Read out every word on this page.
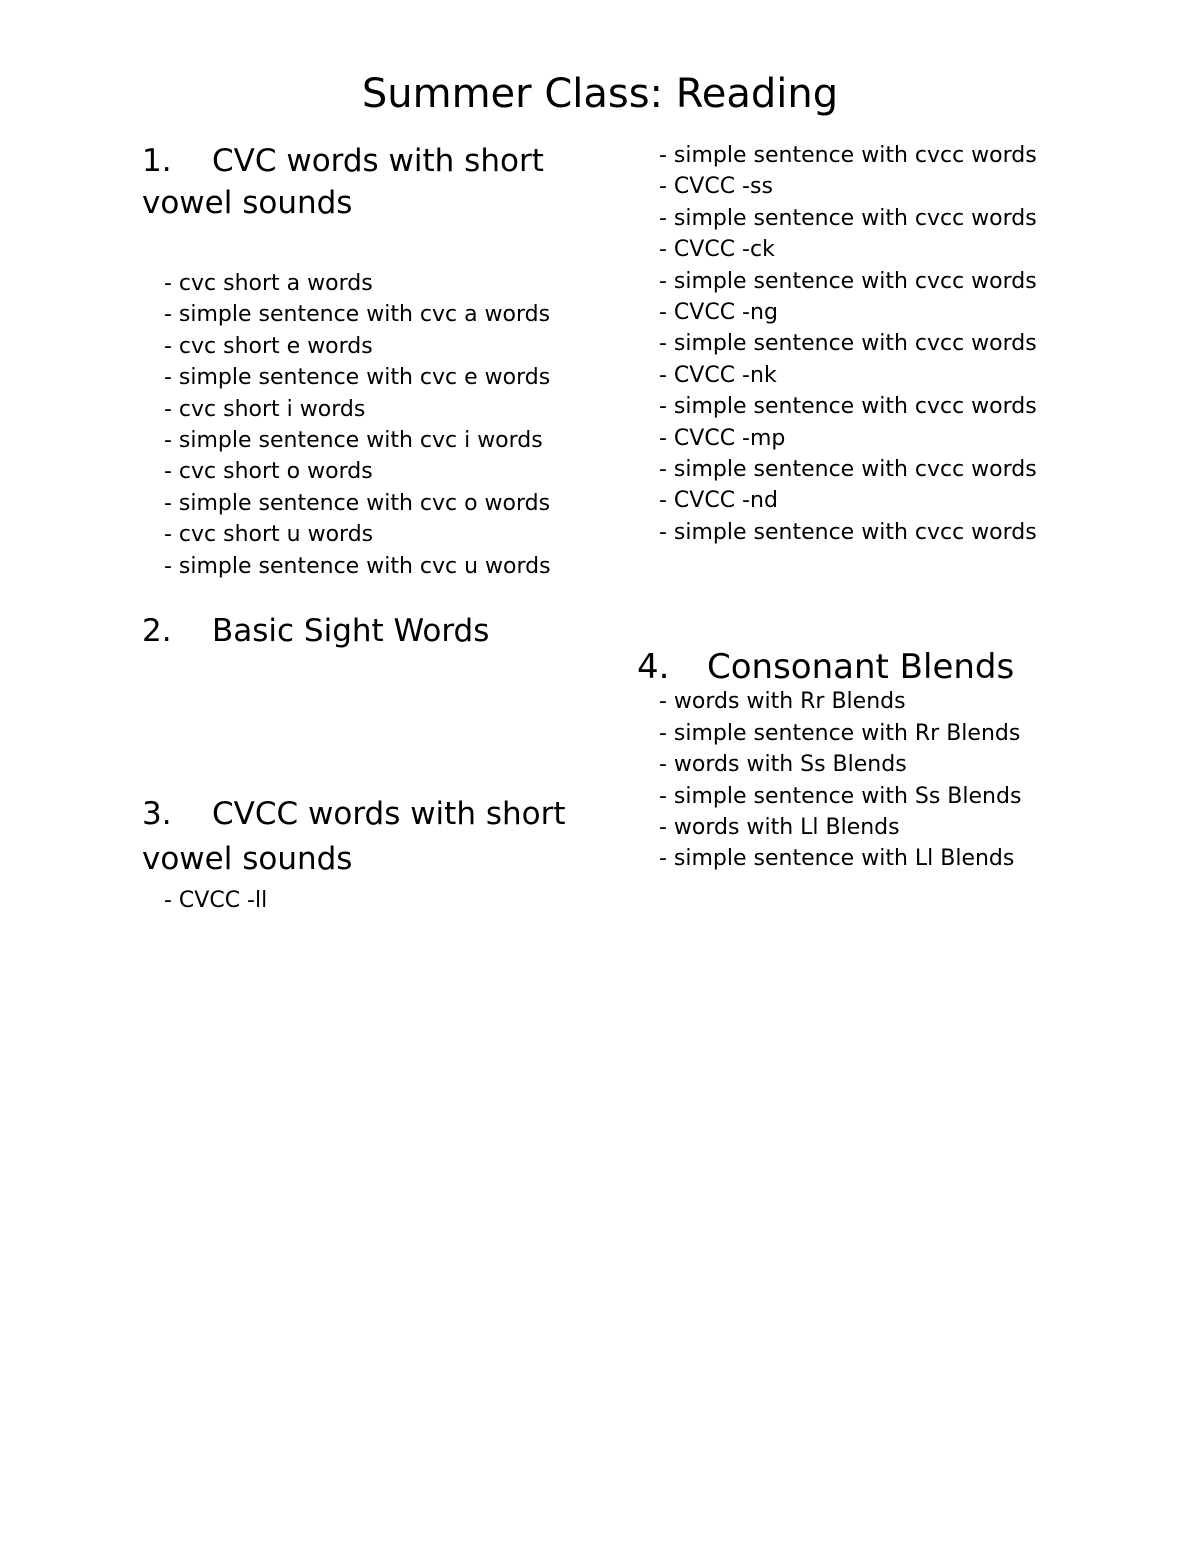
Summer Class: Reading
1. CVC words with short vowel sounds
- cvc short a words
- simple sentence with cvc a words
- cvc short e words
- simple sentence with cvc e words
- cvc short i words
- simple sentence with cvc i words
- cvc short o words
- simple sentence with cvc o words
- cvc short u words
- simple sentence with cvc u words
2. Basic Sight Words
3. CVCC words with short vowel sounds
- CVCC -ll
- simple sentence with cvcc words
- CVCC -ss
- simple sentence with cvcc words
- CVCC -ck
- simple sentence with cvcc words
- CVCC -ng
- simple sentence with cvcc words
- CVCC -nk
- simple sentence with cvcc words
- CVCC -mp
- simple sentence with cvcc words
- CVCC -nd
- simple sentence with cvcc words
4. Consonant Blends
- words with Rr Blends
- simple sentence with Rr Blends
- words with Ss Blends
- simple sentence with Ss Blends
- words with Ll Blends
- simple sentence with Ll Blends
